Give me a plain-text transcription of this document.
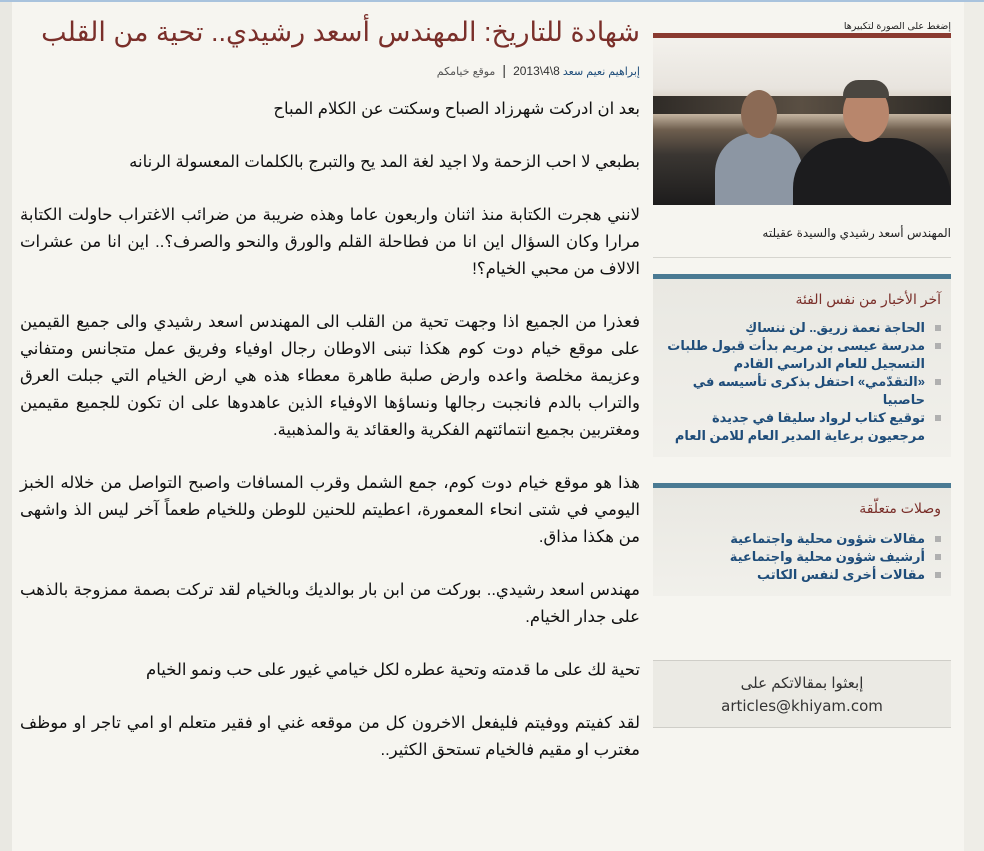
شهادة للتاريخ: المهندس أسعد رشيدي.. تحية من القلب
إبراهيم نعيم سعد 8\4\2013 | موقع خيامكم

بعد ان ادركت شهرزاد الصباح وسكتت عن الكلام المباح

بطبعي لا احب الزحمة ولا اجيد لغة المد يح والتبرج بالكلمات المعسولة الرنانه

لانني هجرت الكتابة منذ اثنان واربعون عاما وهذه ضريبة من ضرائب الاغتراب حاولت الكتابة مرارا وكان السؤال اين انا من فطاحلة القلم والورق والنحو والصرف؟.. اين انا من عشرات الالاف من محبي الخيام؟!

فعذرا من الجميع اذا وجهت تحية من القلب الى المهندس اسعد رشيدي والى جميع القيمين على موقع خيام دوت كوم هكذا تبنى الاوطان رجال اوفياء وفريق عمل متجانس ومتفاني وعزيمة مخلصة واعده وارض صلبة طاهرة معطاء هذه هي ارض الخيام التي جبلت العرق والتراب بالدم فانجبت رجالها ونساؤها الاوفياء الذين عاهدوها على ان تكون للجميع مقيمين ومغتربين بجميع انتمائتهم الفكرية والعقائد ية والمذهبية.

هذا هو موقع خيام دوت كوم، جمع الشمل وقرب المسافات واصبح التواصل من خلاله الخبز اليومي في شتى انحاء المعمورة، اعطيتم للحنين للوطن وللخيام طعماً آخر ليس الذ واشهى من هكذا مذاق.

مهندس اسعد رشيدي.. بوركت من ابن بار بوالديك وبالخيام لقد تركت بصمة ممزوجة بالذهب على جدار الخيام.

تحية لك على ما قدمته وتحية عطره لكل خيامي غيور على حب ونمو الخيام

لقد كفيتم ووفيتم فليفعل الاخرون كل من موقعه غني او فقير متعلم او امي تاجر او موظف مغترب او مقيم فالخيام تستحق الكثير..

إضغط على الصورة لتكبيرها
المهندس أسعد رشيدي والسيدة عقيلته
آخر الأخبار من نفس الفئة
الحاجة نعمة زريق.. لن ننساكِ
مدرسة عيسى بن مريم بدأت قبول طلبات التسجيل للعام الدراسي القادم
«التقدّمي» احتفل بذكرى تأسيسه في حاصبيا
توقيع كتاب لرواد سليقا في جديدة مرجعيون برعاية المدير العام للامن العام
وصلات متعلّقة
مقالات شؤون محلية واجتماعية
أرشيف شؤون محلية واجتماعية
مقالات أخرى لنفس الكاتب
إبعثوا بمقالاتكم على
articles@khiyam.com
